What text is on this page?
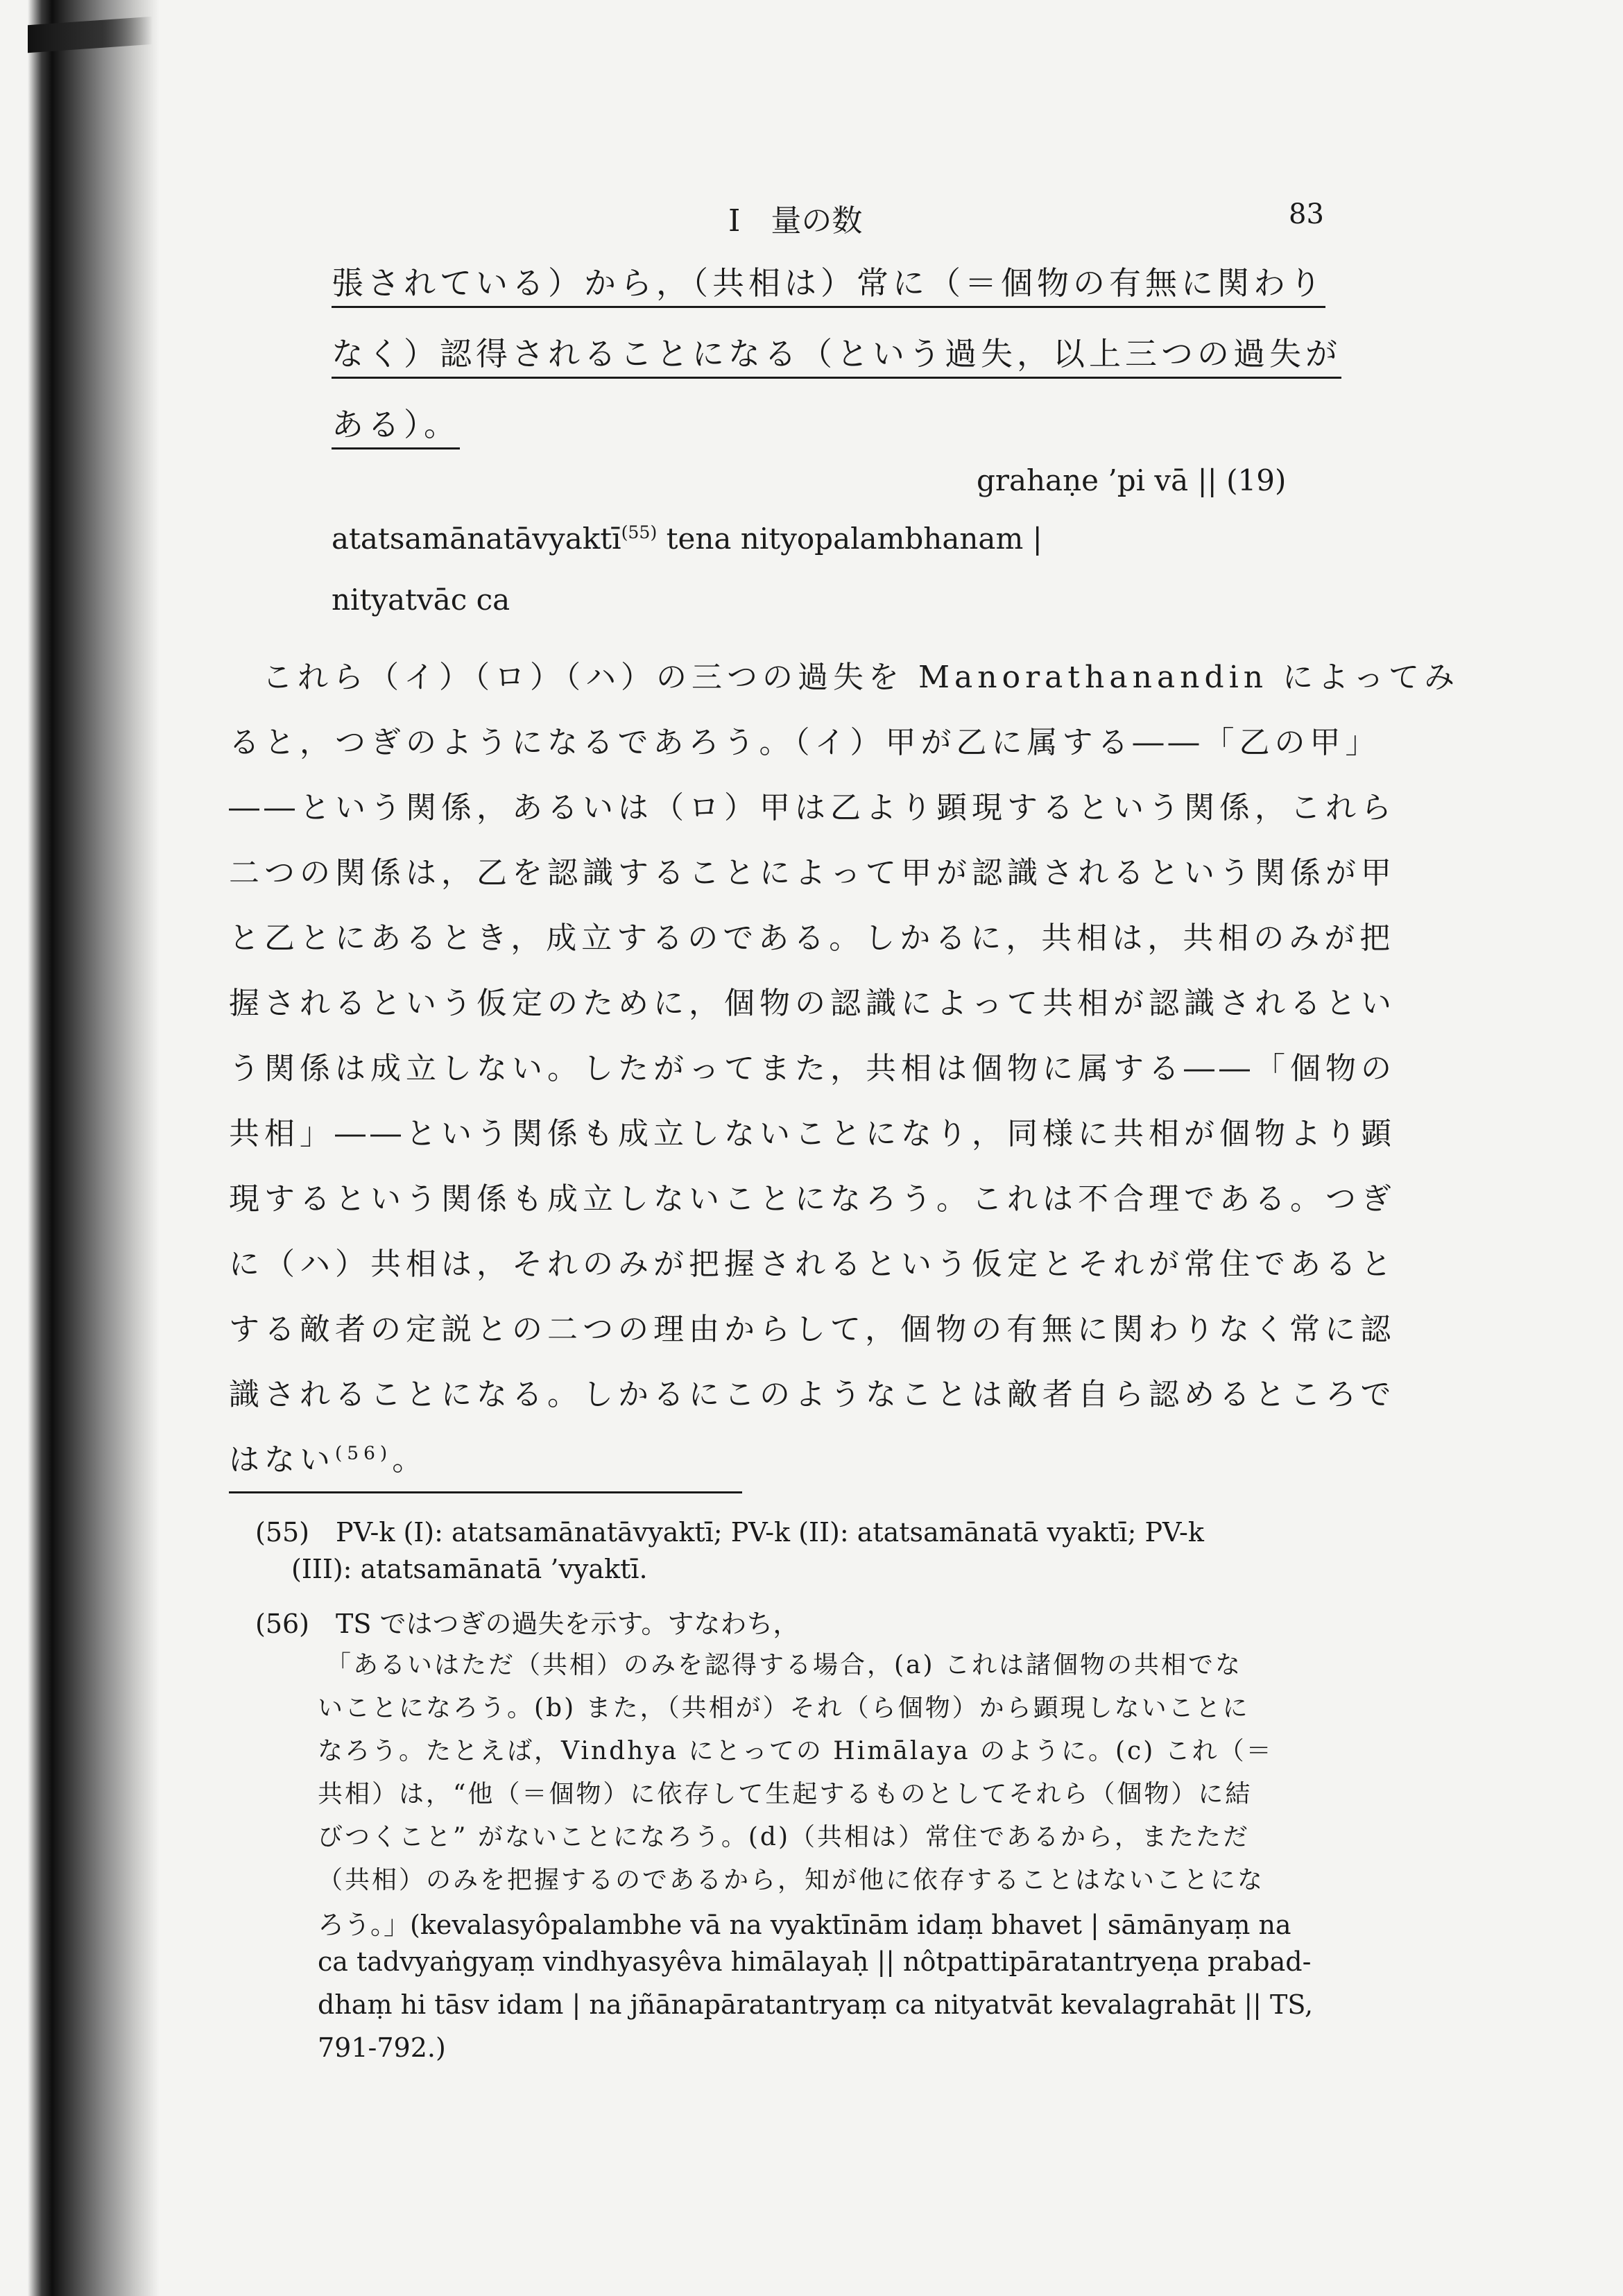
I　量の数	83
張されている）から，（共相は）常に（＝個物の有無に関わり
なく）認得されることになる（という過失，以上三つの過失が
ある）。
grahaṇe ’pi vā || (19)
atatsamānatāvyaktī$^{(55)}$ tena nityopalambhanam |
nityatvāc ca
これら（イ）（ロ）（ハ）の三つの過失を Manorathanandin によってみ
ると，つぎのようになるであろう。（イ）甲が乙に属する――「乙の甲」
――という関係，あるいは（ロ）甲は乙より顕現するという関係，これら
二つの関係は，乙を認識することによって甲が認識されるという関係が甲
と乙とにあるとき，成立するのである。しかるに，共相は，共相のみが把
握されるという仮定のために，個物の認識によって共相が認識されるとい
う関係は成立しない。したがってまた，共相は個物に属する――「個物の
共相」――という関係も成立しないことになり，同様に共相が個物より顕
現するという関係も成立しないことになろう。これは不合理である。つぎ
に（ハ）共相は，それのみが把握されるという仮定とそれが常住であると
する敵者の定説との二つの理由からして，個物の有無に関わりなく常に認
識されることになる。しかるにこのようなことは敵者自ら認めるところで
はない$^{(56)}$。
(55)　PV-k (I): atatsamānatāvyaktī; PV-k (II): atatsamānatā vyaktī; PV-k
(III): atatsamānatā ’vyaktī.
(56)　TS ではつぎの過失を示す。すなわち，
「あるいはただ（共相）のみを認得する場合，(a) これは諸個物の共相でな
いことになろう。(b) また，（共相が）それ（ら個物）から顕現しないことに
なろう。たとえば，Vindhya にとっての Himālaya のように。(c) これ（＝
共相）は，“他（＝個物）に依存して生起するものとしてそれら（個物）に結
びつくこと” がないことになろう。(d)（共相は）常住であるから，またただ
（共相）のみを把握するのであるから，知が他に依存することはないことにな
ろう。」(kevalasyôpalambhe vā na vyaktīnām idaṃ bhavet | sāmānyaṃ na
ca tadvyaṅgyaṃ vindhyasyêva himālayaḥ || nôtpattipāratantryeṇa prabad-
dhaṃ hi tāsv idam | na jñānapāratantryaṃ ca nityatvāt kevalagrahāt || TS,
791-792.)
